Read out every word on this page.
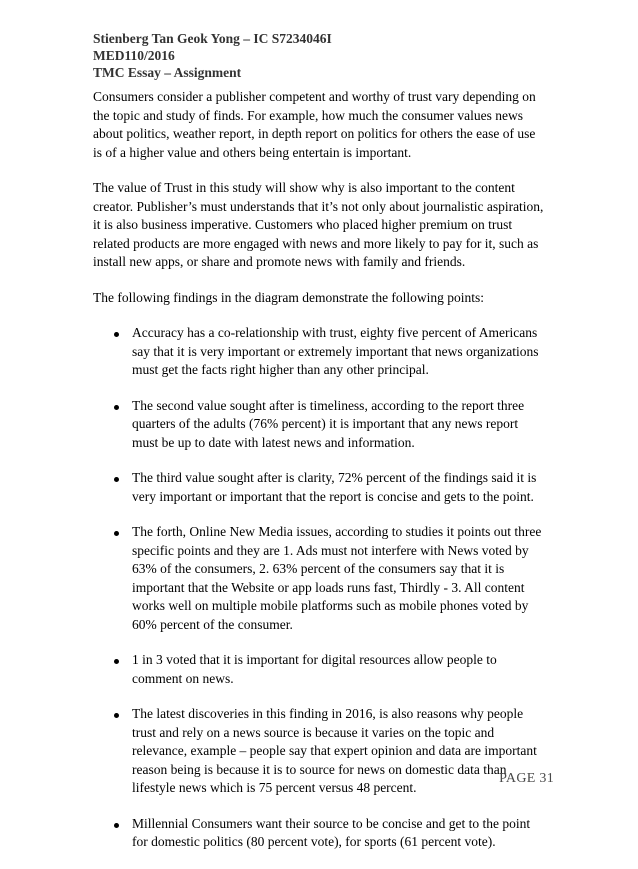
Stienberg Tan Geok Yong – IC S7234046I
MED110/2016
TMC Essay – Assignment

Consumers consider a publisher competent and worthy of trust vary depending on the topic and study of finds. For example, how much the consumer values news about politics, weather report, in depth report on politics for others the ease of use is of a higher value and others being entertain is important.

The value of Trust in this study will show why is also important to the content creator. Publisher’s must understands that it’s not only about journalistic aspiration, it is also business imperative. Customers who placed higher premium on trust related products are more engaged with news and more likely to pay for it, such as install new apps, or share and promote news with family and friends.

The following findings in the diagram demonstrate the following points:

Accuracy has a co-relationship with trust, eighty five percent of Americans say that it is very important or extremely important that news organizations must get the facts right higher than any other principal.
The second value sought after is timeliness, according to the report three quarters of the adults (76% percent) it is important that any news report must be up to date with latest news and information.
The third value sought after is clarity, 72% percent of the findings said it is very important or important that the report is concise and gets to the point.
The forth, Online New Media issues, according to studies it points out three specific points and they are 1. Ads must not interfere with News voted by 63% of the consumers, 2. 63% percent of the consumers say that it is important that the Website or app loads runs fast, Thirdly - 3. All content works well on multiple mobile platforms such as mobile phones voted by 60% percent of the consumer.
1 in 3 voted that it is important for digital resources allow people to comment on news.
The latest discoveries in this finding in 2016, is also reasons why people trust and rely on a news source is because it varies on the topic and relevance, example – people say that expert opinion and data are important reason being is because it is to source for news on domestic data than lifestyle news which is 75 percent versus 48 percent.
Millennial Consumers want their source to be concise and get to the point for domestic politics (80 percent vote), for sports (61 percent vote).
PAGE 31
